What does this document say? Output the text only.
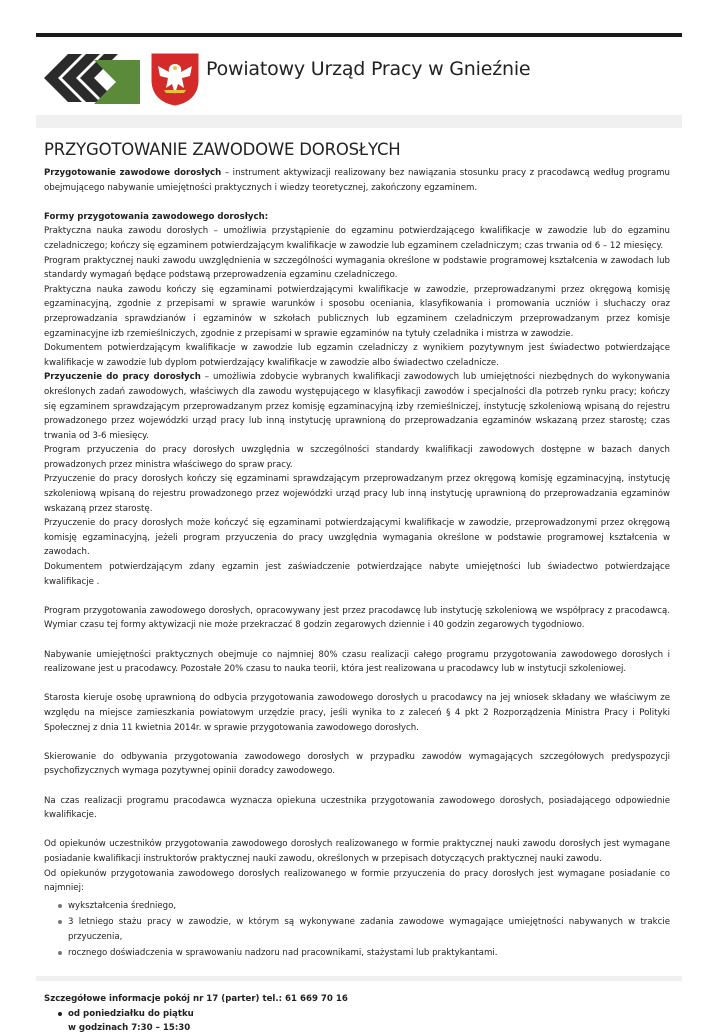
Powiatowy Urząd Pracy w Gnieźnie
PRZYGOTOWANIE ZAWODOWE DOROSŁYCH

Przygotowanie zawodowe dorosłych – instrument aktywizacji realizowany bez nawiązania stosunku pracy z pracodawcą według programu obejmującego nabywanie umiejętności praktycznych i wiedzy teoretycznej, zakończony egzaminem.

Formy przygotowania zawodowego dorosłych:

Praktyczna nauka zawodu dorosłych – umożliwia przystąpienie do egzaminu potwierdzającego kwalifikacje w zawodzie lub do egzaminu czeladniczego; kończy się egzaminem potwierdzającym kwalifikacje w zawodzie lub egzaminem czeladniczym; czas trwania od 6 – 12 miesięcy.

Program praktycznej nauki zawodu uwzględnienia w szczególności wymagania określone w podstawie programowej kształcenia w zawodach lub standardy wymagań będące podstawą przeprowadzenia egzaminu czeladniczego.

Praktyczna nauka zawodu kończy się egzaminami potwierdzającymi kwalifikacje w zawodzie, przeprowadzanymi przez okręgową komisję egzaminacyjną, zgodnie z przepisami w sprawie warunków i sposobu oceniania, klasyfikowania i promowania uczniów i słuchaczy oraz przeprowadzania sprawdzianów i egzaminów w szkołach publicznych lub egzaminem czeladniczym przeprowadzanym przez komisje egzaminacyjne izb rzemieślniczych, zgodnie z przepisami w sprawie egzaminów na tytuły czeladnika i mistrza w zawodzie.

Dokumentem potwierdzającym kwalifikacje w zawodzie lub egzamin czeladniczy z wynikiem pozytywnym jest świadectwo potwierdzające kwalifikacje w zawodzie lub dyplom potwierdzający kwalifikacje w zawodzie albo świadectwo czeladnicze.

Przyuczenie do pracy dorosłych – umożliwia zdobycie wybranych kwalifikacji zawodowych lub umiejętności niezbędnych do wykonywania określonych zadań zawodowych, właściwych dla zawodu występującego w klasyfikacji zawodów i specjalności dla potrzeb rynku pracy; kończy się egzaminem sprawdzającym przeprowadzanym przez komisję egzaminacyjną izby rzemieślniczej, instytucję szkoleniową wpisaną do rejestru prowadzonego przez wojewódzki urząd pracy lub inną instytucję uprawnioną do przeprowadzania egzaminów wskazaną przez starostę; czas trwania od 3-6 miesięcy.

Program przyuczenia do pracy dorosłych uwzględnia w szczególności standardy kwalifikacji zawodowych dostępne w bazach danych prowadzonych przez ministra właściwego do spraw pracy.

Przyuczenie do pracy dorosłych kończy się egzaminami sprawdzającym przeprowadzanym przez okręgową komisję egzaminacyjną, instytucję szkoleniową wpisaną do rejestru prowadzonego przez wojewódzki urząd pracy lub inną instytucję uprawnioną do przeprowadzania egzaminów wskazaną przez starostę.

Przyuczenie do pracy dorosłych może kończyć się egzaminami potwierdzającymi kwalifikacje w zawodzie, przeprowadzonymi przez okręgową komisję egzaminacyjną, jeżeli program przyuczenia do pracy uwzględnia wymagania określone w podstawie programowej kształcenia w zawodach.

Dokumentem potwierdzającym zdany egzamin jest zaświadczenie potwierdzające nabyte umiejętności lub świadectwo potwierdzające kwalifikacje .

Program przygotowania zawodowego dorosłych, opracowywany jest przez pracodawcę lub instytucję szkoleniową we współpracy z pracodawcą. Wymiar czasu tej formy aktywizacji nie może przekraczać 8 godzin zegarowych dziennie i 40 godzin zegarowych tygodniowo.

Nabywanie umiejętności praktycznych obejmuje co najmniej 80% czasu realizacji całego programu przygotowania zawodowego dorosłych i realizowane jest u pracodawcy. Pozostałe 20% czasu to nauka teorii, która jest realizowana u pracodawcy lub w instytucji szkoleniowej.

Starosta kieruje osobę uprawnioną do odbycia przygotowania zawodowego dorosłych u pracodawcy na jej wniosek składany we właściwym ze względu na miejsce zamieszkania powiatowym urzędzie pracy, jeśli wynika to z zaleceń § 4 pkt 2 Rozporządzenia Ministra Pracy i Polityki Społecznej z dnia 11 kwietnia 2014r. w sprawie przygotowania zawodowego dorosłych.

Skierowanie do odbywania przygotowania zawodowego dorosłych w przypadku zawodów wymagających szczegółowych predyspozycji psychofizycznych wymaga pozytywnej opinii doradcy zawodowego.

Na czas realizacji programu pracodawca wyznacza opiekuna uczestnika przygotowania zawodowego dorosłych, posiadającego odpowiednie kwalifikacje.

Od opiekunów uczestników przygotowania zawodowego dorosłych realizowanego w formie praktycznej nauki zawodu dorosłych jest wymagane posiadanie kwalifikacji instruktorów praktycznej nauki zawodu, określonych w przepisach dotyczących praktycznej nauki zawodu.

Od opiekunów przygotowania zawodowego dorosłych realizowanego w formie przyuczenia do pracy dorosłych jest wymagane posiadanie co najmniej:

wykształcenia średniego,
3 letniego stażu pracy w zawodzie, w którym są wykonywane zadania zawodowe wymagające umiejętności nabywanych w trakcie przyuczenia,
rocznego doświadczenia w sprawowaniu nadzoru nad pracownikami, stażystami lub praktykantami.

Szczegółowe informacje pokój nr 17 (parter) tel.: 61 669 70 16

od poniedziałku do piątku
w godzinach 7:30 – 15:30
